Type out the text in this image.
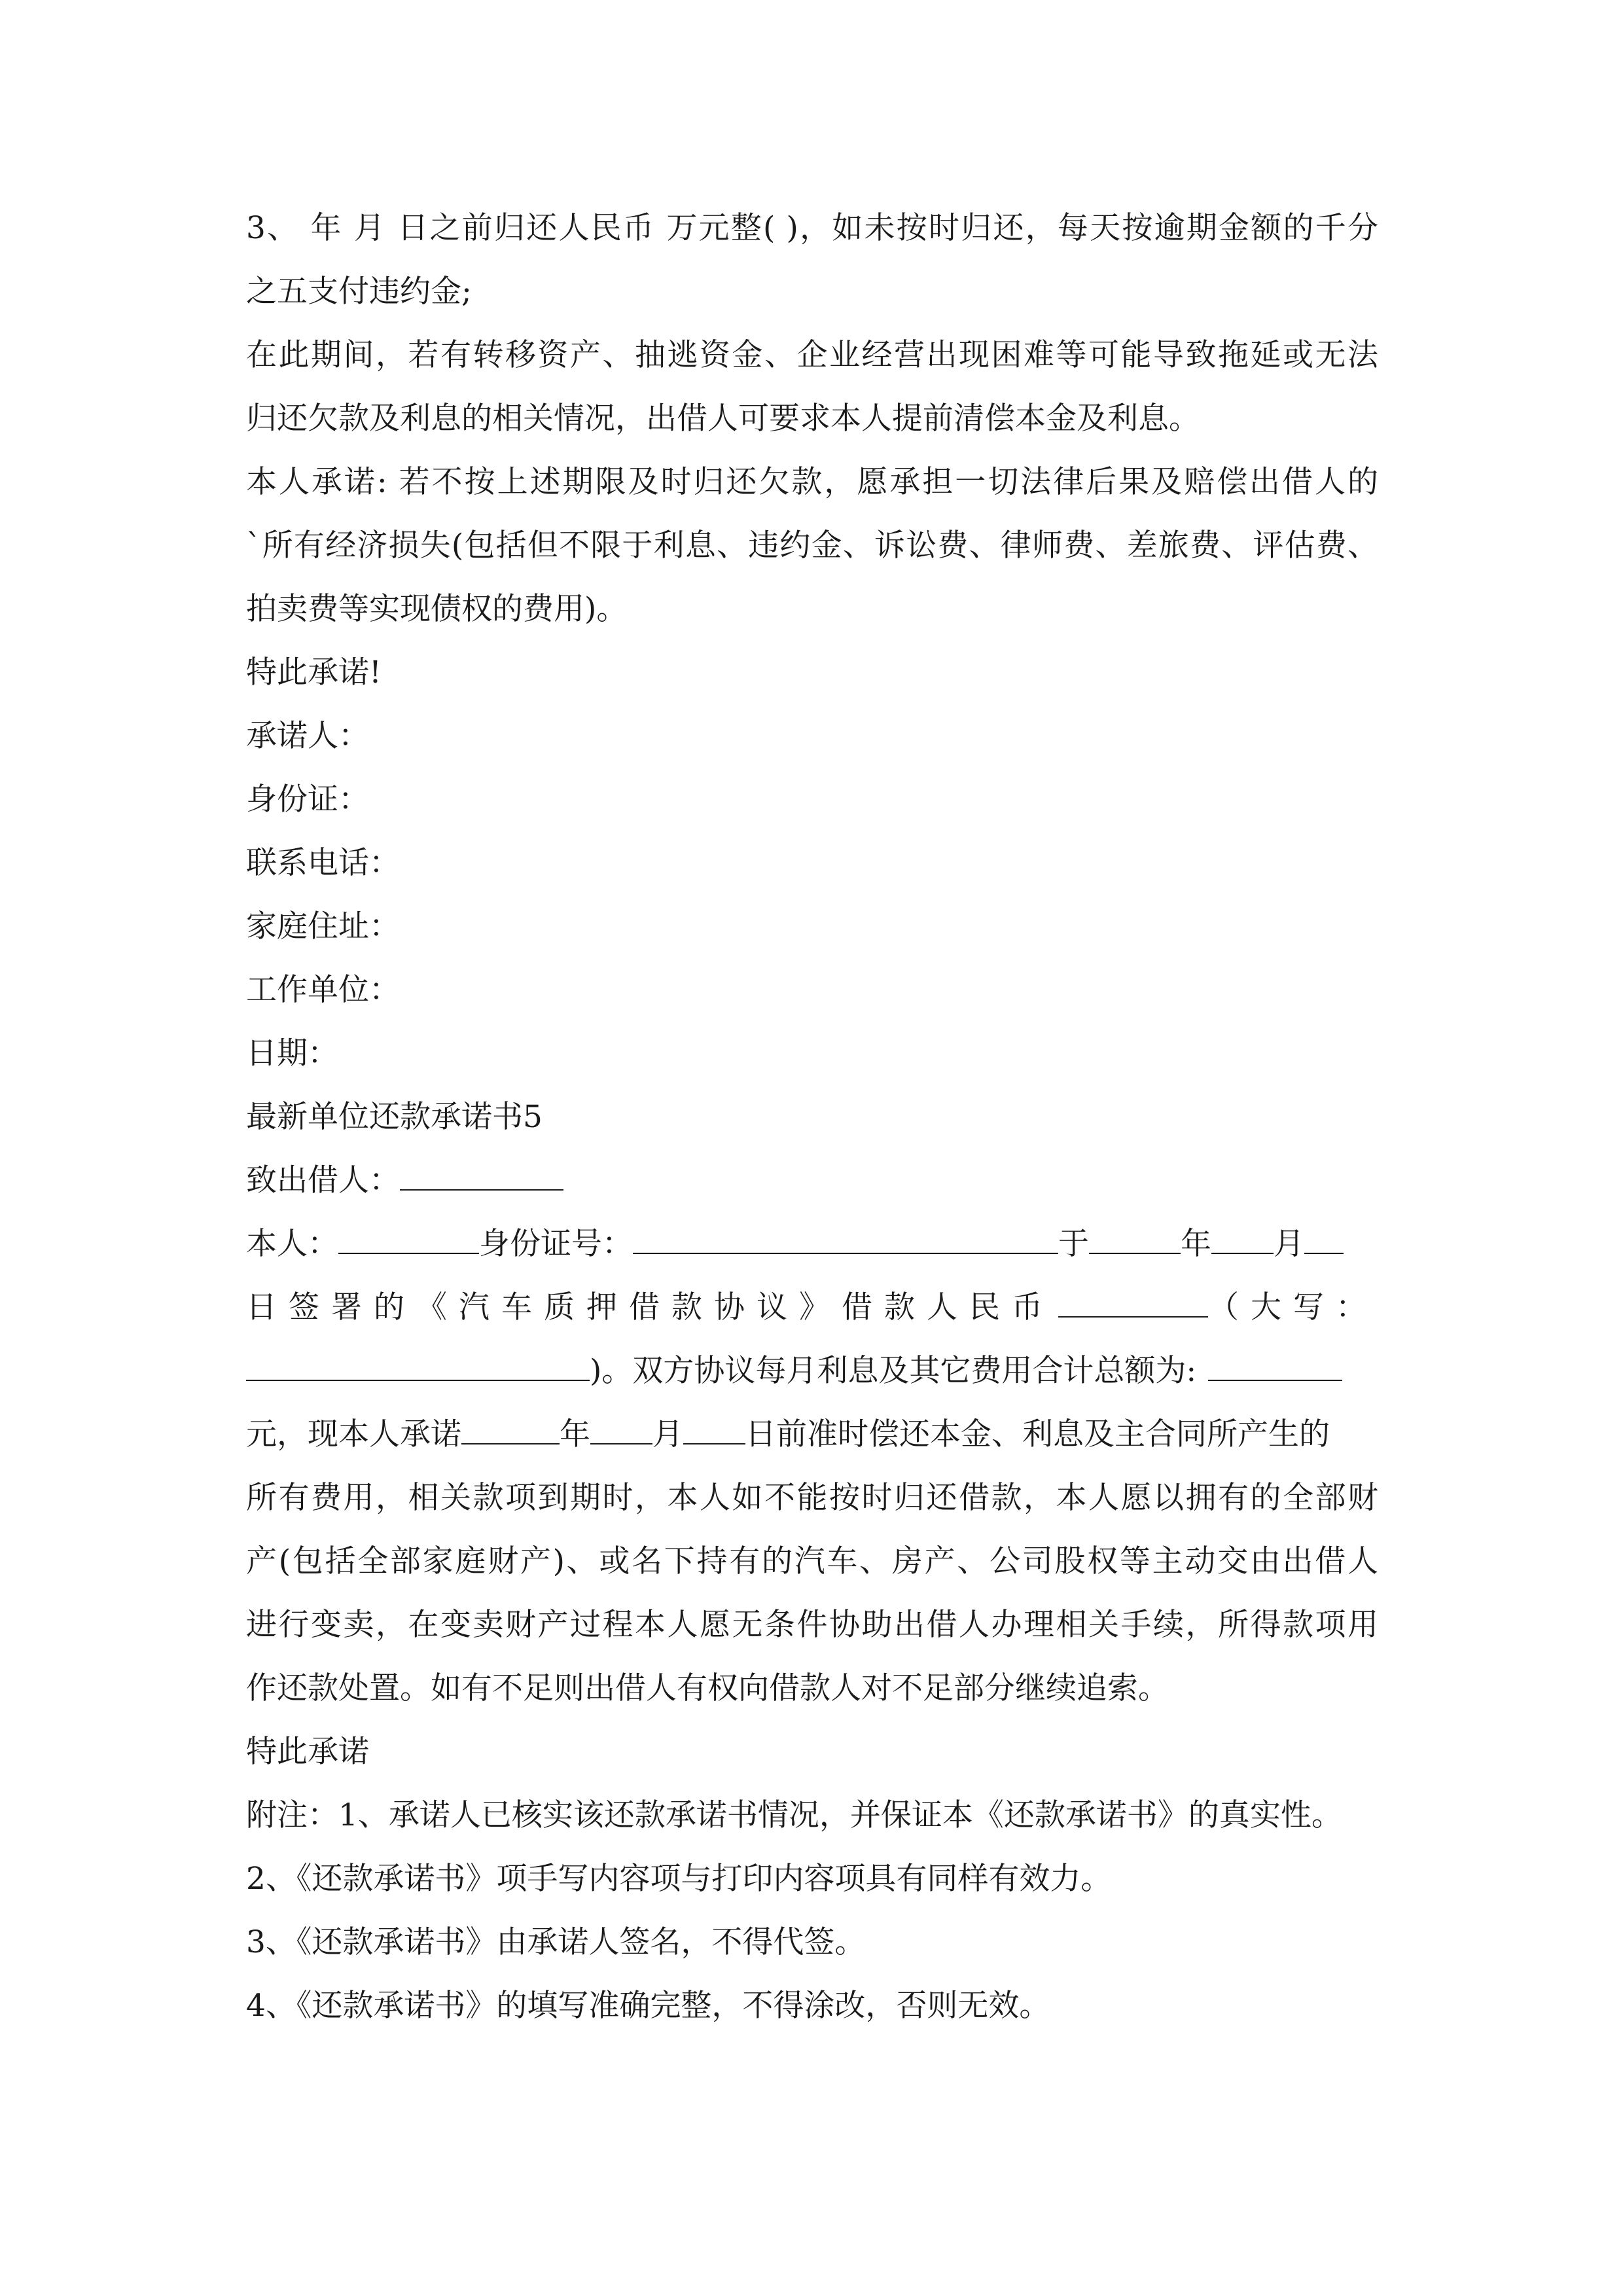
3、 年 月 日之前归还人民币 万元整( )，如未按时归还，每天按逾期金额的千分
之五支付违约金;
在此期间，若有转移资产、抽逃资金、企业经营出现困难等可能导致拖延或无法
归还欠款及利息的相关情况，出借人可要求本人提前清偿本金及利息。
本人承诺: 若不按上述期限及时归还欠款，愿承担一切法律后果及赔偿出借人的
`所有经济损失(包括但不限于利息、违约金、诉讼费、律师费、差旅费、评估费、
拍卖费等实现债权的费用)。
特此承诺!
承诺人：
身份证：
联系电话：
家庭住址：
工作单位：
日期：
最新单位还款承诺书5
致出借人：
本人：	身份证号：	于	年 月
日签署的《汽车质押借款协议》借款人民币	（大写：
)。双方协议每月利息及其它费用合计总额为:
元，现本人承诺	年 月 日前准时偿还本金、利息及主合同所产生的
所有费用，相关款项到期时，本人如不能按时归还借款，本人愿以拥有的全部财
产(包括全部家庭财产)、或名下持有的汽车、房产、公司股权等主动交由出借人
进行变卖，在变卖财产过程本人愿无条件协助出借人办理相关手续，所得款项用
作还款处置。如有不足则出借人有权向借款人对不足部分继续追索。
特此承诺
附注：1、承诺人已核实该还款承诺书情况，并保证本《还款承诺书》的真实性。
2、《还款承诺书》项手写内容项与打印内容项具有同样有效力。
3、《还款承诺书》由承诺人签名，不得代签。
4、《还款承诺书》的填写准确完整，不得涂改，否则无效。
